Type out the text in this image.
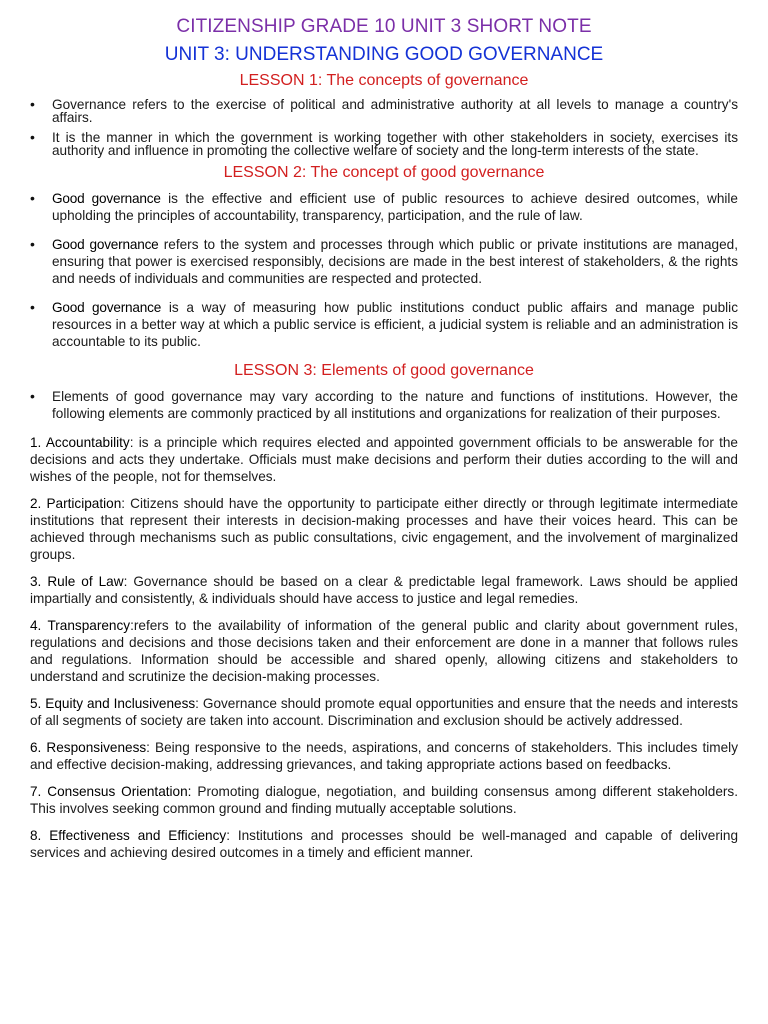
CITIZENSHIP GRADE 10 UNIT 3 SHORT NOTE
UNIT 3: UNDERSTANDING GOOD GOVERNANCE
LESSON 1: The concepts of governance
• Governance refers to the exercise of political and administrative authority at all levels to manage a country's affairs.
• It is the manner in which the government is working together with other stakeholders in society, exercises its authority and influence in promoting the collective welfare of society and the long-term interests of the state.
LESSON 2: The concept of good governance
• Good governance is the effective and efficient use of public resources to achieve desired outcomes, while upholding the principles of accountability, transparency, participation, and the rule of law.
• Good governance refers to the system and processes through which public or private institutions are managed, ensuring that power is exercised responsibly, decisions are made in the best interest of stakeholders, & the rights and needs of individuals and communities are respected and protected.
• Good governance is a way of measuring how public institutions conduct public affairs and manage public resources in a better way at which a public service is efficient, a judicial system is reliable and an administration is accountable to its public.
LESSON 3: Elements of good governance
• Elements of good governance may vary according to the nature and functions of institutions. However, the following elements are commonly practiced by all institutions and organizations for realization of their purposes.

1. Accountability: is a principle which requires elected and appointed government officials to be answerable for the decisions and acts they undertake. Officials must make decisions and perform their duties according to the will and wishes of the people, not for themselves.

2. Participation: Citizens should have the opportunity to participate either directly or through legitimate intermediate institutions that represent their interests in decision-making processes and have their voices heard. This can be achieved through mechanisms such as public consultations, civic engagement, and the involvement of marginalized groups.

3. Rule of Law: Governance should be based on a clear & predictable legal framework. Laws should be applied impartially and consistently, & individuals should have access to justice and legal remedies.

4. Transparency:refers to the availability of information of the general public and clarity about government rules, regulations and decisions and those decisions taken and their enforcement are done in a manner that follows rules and regulations. Information should be accessible and shared openly, allowing citizens and stakeholders to understand and scrutinize the decision-making processes.

5. Equity and Inclusiveness: Governance should promote equal opportunities and ensure that the needs and interests of all segments of society are taken into account. Discrimination and exclusion should be actively addressed.

6. Responsiveness: Being responsive to the needs, aspirations, and concerns of stakeholders. This includes timely and effective decision-making, addressing grievances, and taking appropriate actions based on feedbacks.

7. Consensus Orientation: Promoting dialogue, negotiation, and building consensus among different stakeholders. This involves seeking common ground and finding mutually acceptable solutions.

8. Effectiveness and Efficiency: Institutions and processes should be well-managed and capable of delivering services and achieving desired outcomes in a timely and efficient manner.
